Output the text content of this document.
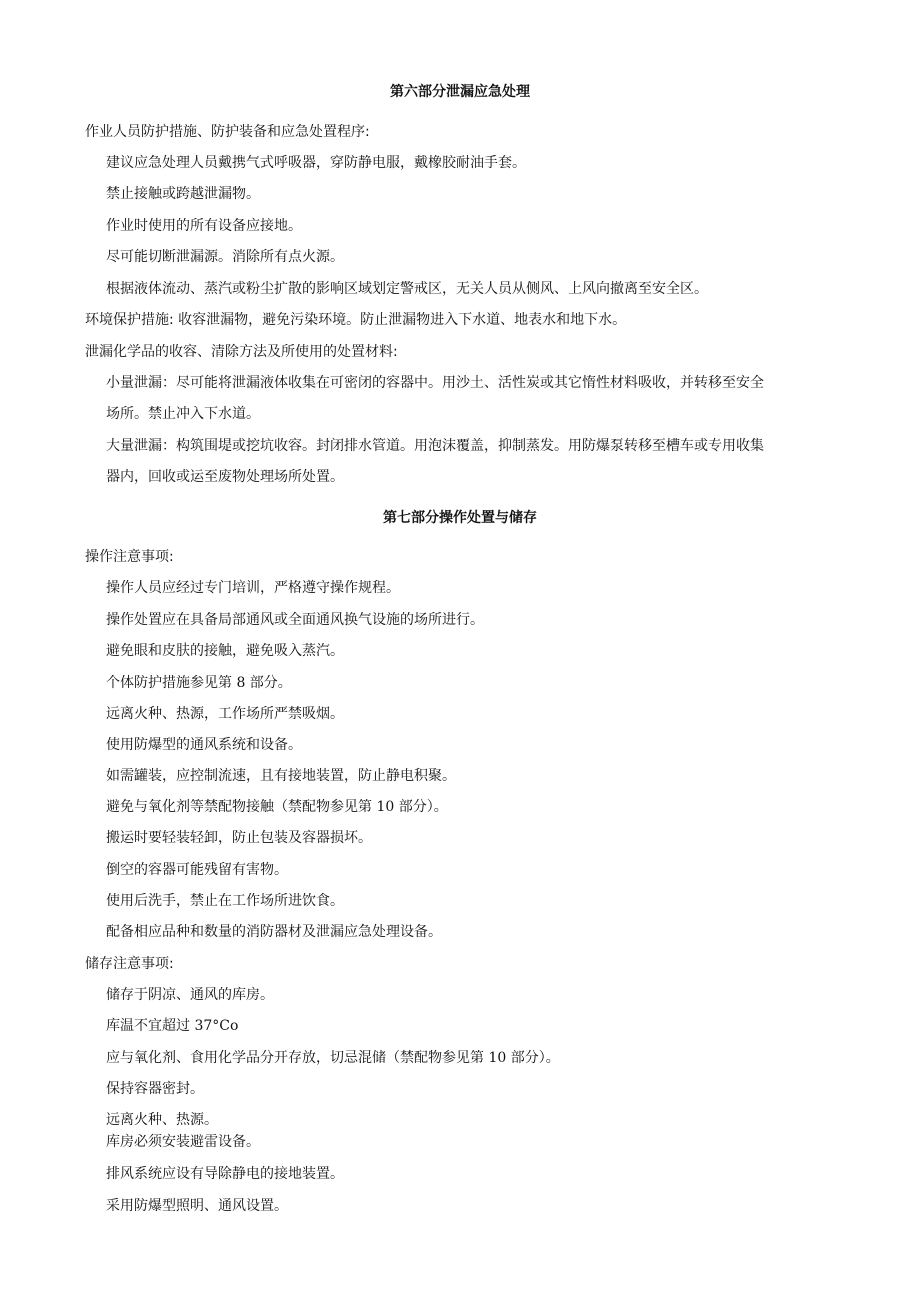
第六部分泄漏应急处理
作业人员防护措施、防护装备和应急处置程序:
建议应急处理人员戴携气式呼吸器，穿防静电服，戴橡胶耐油手套。
禁止接触或跨越泄漏物。
作业时使用的所有设备应接地。
尽可能切断泄漏源。消除所有点火源。
根据液体流动、蒸汽或粉尘扩散的影响区域划定警戒区，无关人员从侧风、上风向撤离至安全区。
环境保护措施: 收容泄漏物，避免污染环境。防止泄漏物进入下水道、地表水和地下水。
泄漏化学品的收容、清除方法及所使用的处置材料:
小量泄漏：尽可能将泄漏液体收集在可密闭的容器中。用沙土、活性炭或其它惰性材料吸收，并转移至安全
场所。禁止冲入下水道。
大量泄漏：构筑围堤或挖坑收容。封闭排水管道。用泡沫覆盖，抑制蒸发。用防爆泵转移至槽车或专用收集
器内，回收或运至废物处理场所处置。
第七部分操作处置与储存
操作注意事项:
操作人员应经过专门培训，严格遵守操作规程。
操作处置应在具备局部通风或全面通风换气设施的场所进行。
避免眼和皮肤的接触，避免吸入蒸汽。
个体防护措施参见第 8 部分。
远离火种、热源，工作场所严禁吸烟。
使用防爆型的通风系统和设备。
如需罐装，应控制流速，且有接地装置，防止静电积聚。
避免与氧化剂等禁配物接触（禁配物参见第 10 部分）。
搬运时要轻装轻卸，防止包装及容器损坏。
倒空的容器可能残留有害物。
使用后洗手，禁止在工作场所进饮食。
配备相应品种和数量的消防器材及泄漏应急处理设备。
储存注意事项:
储存于阴凉、通风的库房。
库温不宜超过 37°Co
应与氧化剂、食用化学品分开存放，切忌混储（禁配物参见第 10 部分）。
保持容器密封。
远离火种、热源。
库房必须安装避雷设备。
排风系统应设有导除静电的接地装置。
采用防爆型照明、通风设置。
